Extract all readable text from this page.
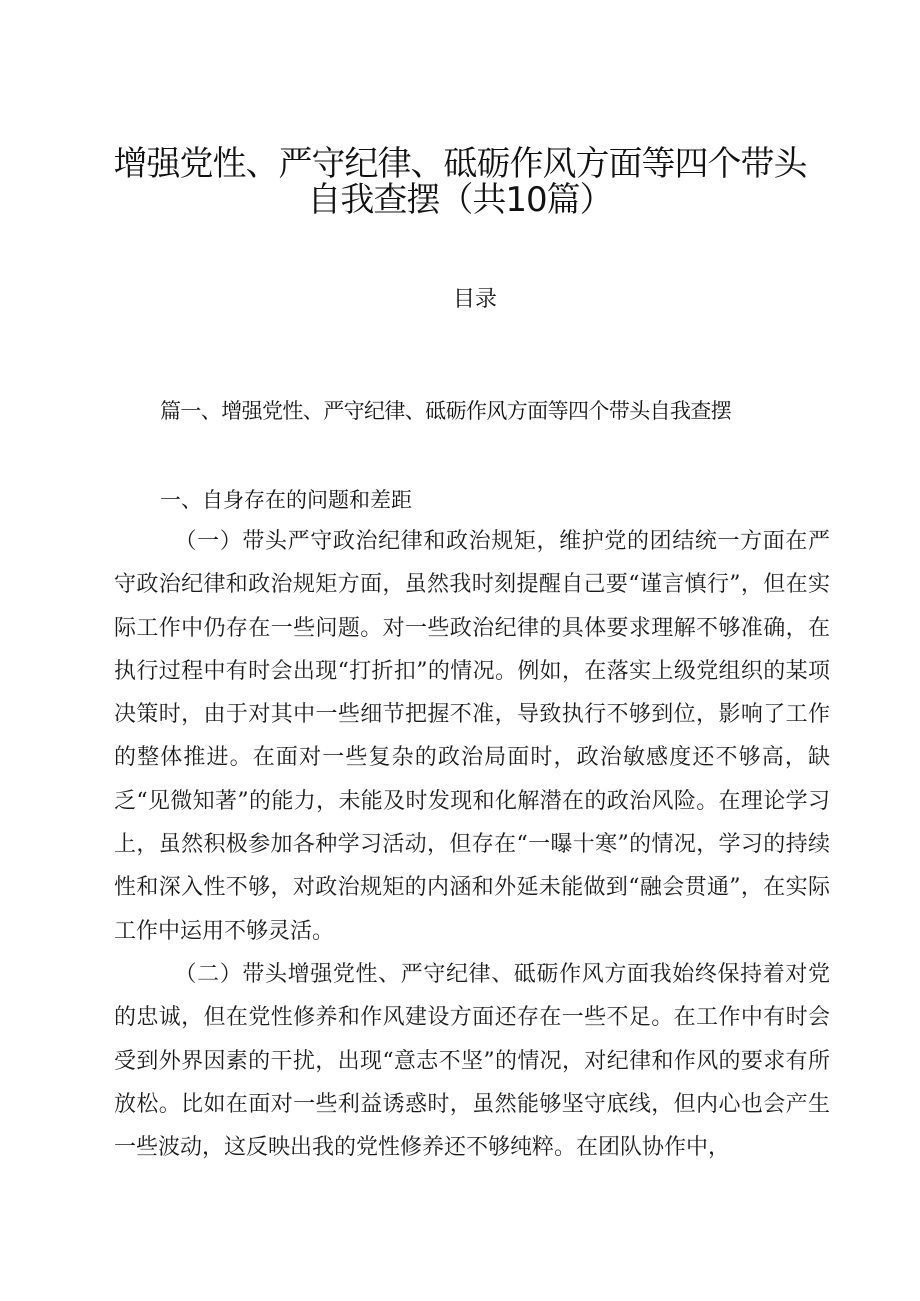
增强党性、严守纪律、砥砺作风方面等四个带头
自我查摆（共10篇）
目录
篇一、增强党性、严守纪律、砥砺作风方面等四个带头自我查摆
一、自身存在的问题和差距

（一）带头严守政治纪律和政治规矩，维护党的团结统一方面在严守政治纪律和政治规矩方面，虽然我时刻提醒自己要“谨言慎行”，但在实际工作中仍存在一些问题。对一些政治纪律的具体要求理解不够准确，在执行过程中有时会出现“打折扣”的情况。例如，在落实上级党组织的某项决策时，由于对其中一些细节把握不准，导致执行不够到位，影响了工作的整体推进。在面对一些复杂的政治局面时，政治敏感度还不够高，缺乏“见微知著”的能力，未能及时发现和化解潜在的政治风险。在理论学习上，虽然积极参加各种学习活动，但存在“一曝十寒”的情况，学习的持续性和深入性不够，对政治规矩的内涵和外延未能做到“融会贯通”，在实际工作中运用不够灵活。

（二）带头增强党性、严守纪律、砥砺作风方面我始终保持着对党的忠诚，但在党性修养和作风建设方面还存在一些不足。在工作中有时会受到外界因素的干扰，出现“意志不坚”的情况，对纪律和作风的要求有所放松。比如在面对一些利益诱惑时，虽然能够坚守底线，但内心也会产生一些波动，这反映出我的党性修养还不够纯粹。在团队协作中，
